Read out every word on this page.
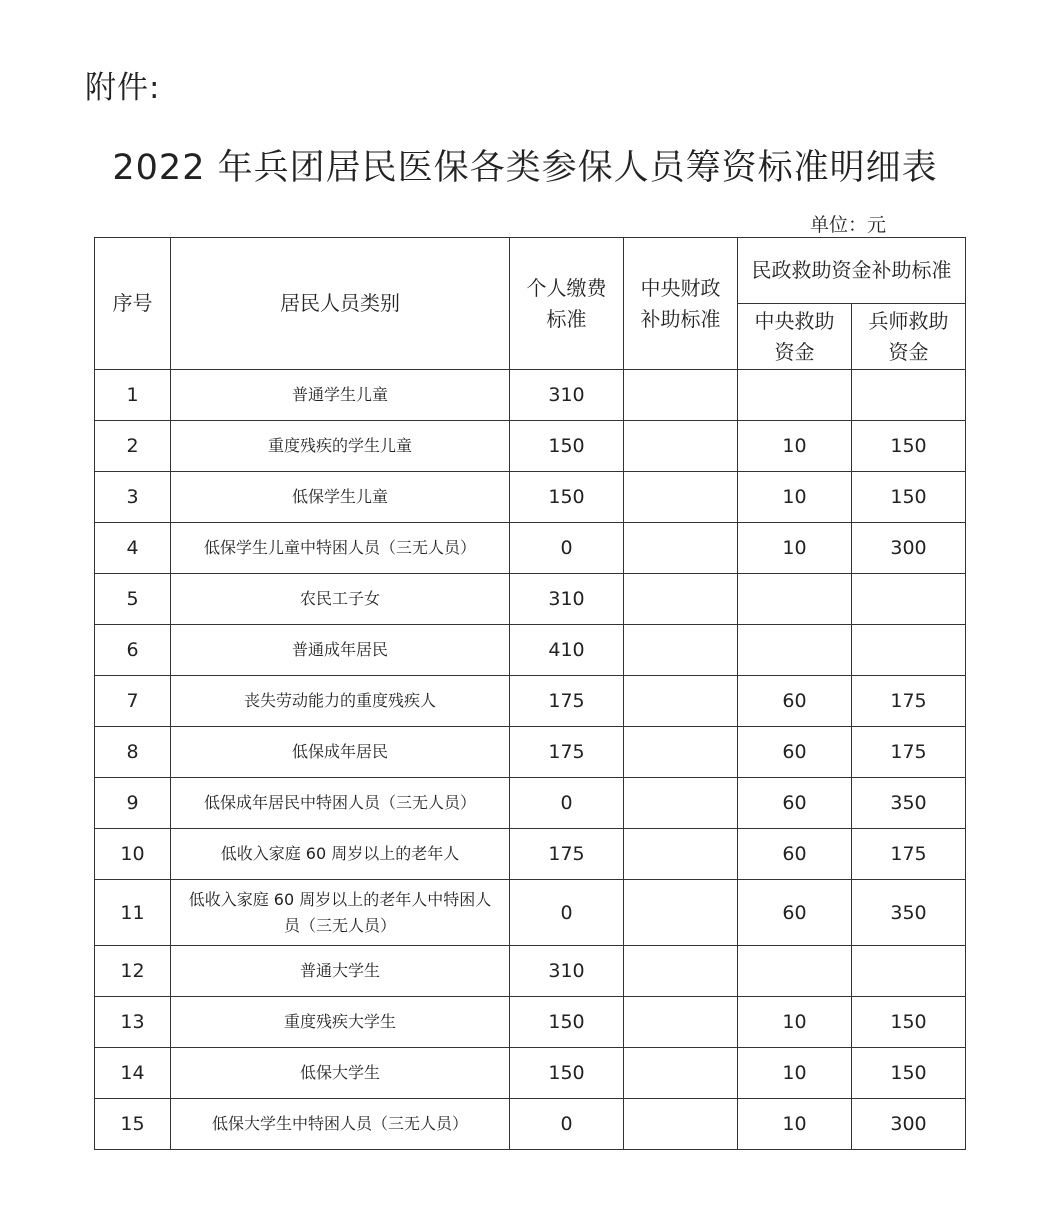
附件:
2022 年兵团居民医保各类参保人员筹资标准明细表
单位：元
序号	居民人员类别	个人缴费标准	中央财政补助标准	民政救助资金补助标准	
				中央救助资金	兵师救助资金
1	普通学生儿童	310			
2	重度残疾的学生儿童	150		10	150
3	低保学生儿童	150		10	150
4	低保学生儿童中特困人员（三无人员）	0		10	300
5	农民工子女	310			
6	普通成年居民	410			
7	丧失劳动能力的重度残疾人	175		60	175
8	低保成年居民	175		60	175
9	低保成年居民中特困人员（三无人员）	0		60	350
10	低收入家庭 60 周岁以上的老年人	175		60	175
11	低收入家庭 60 周岁以上的老年人中特困人员（三无人员）	0		60	350
12	普通大学生	310			
13	重度残疾大学生	150		10	150
14	低保大学生	150		10	150
15	低保大学生中特困人员（三无人员）	0		10	300
